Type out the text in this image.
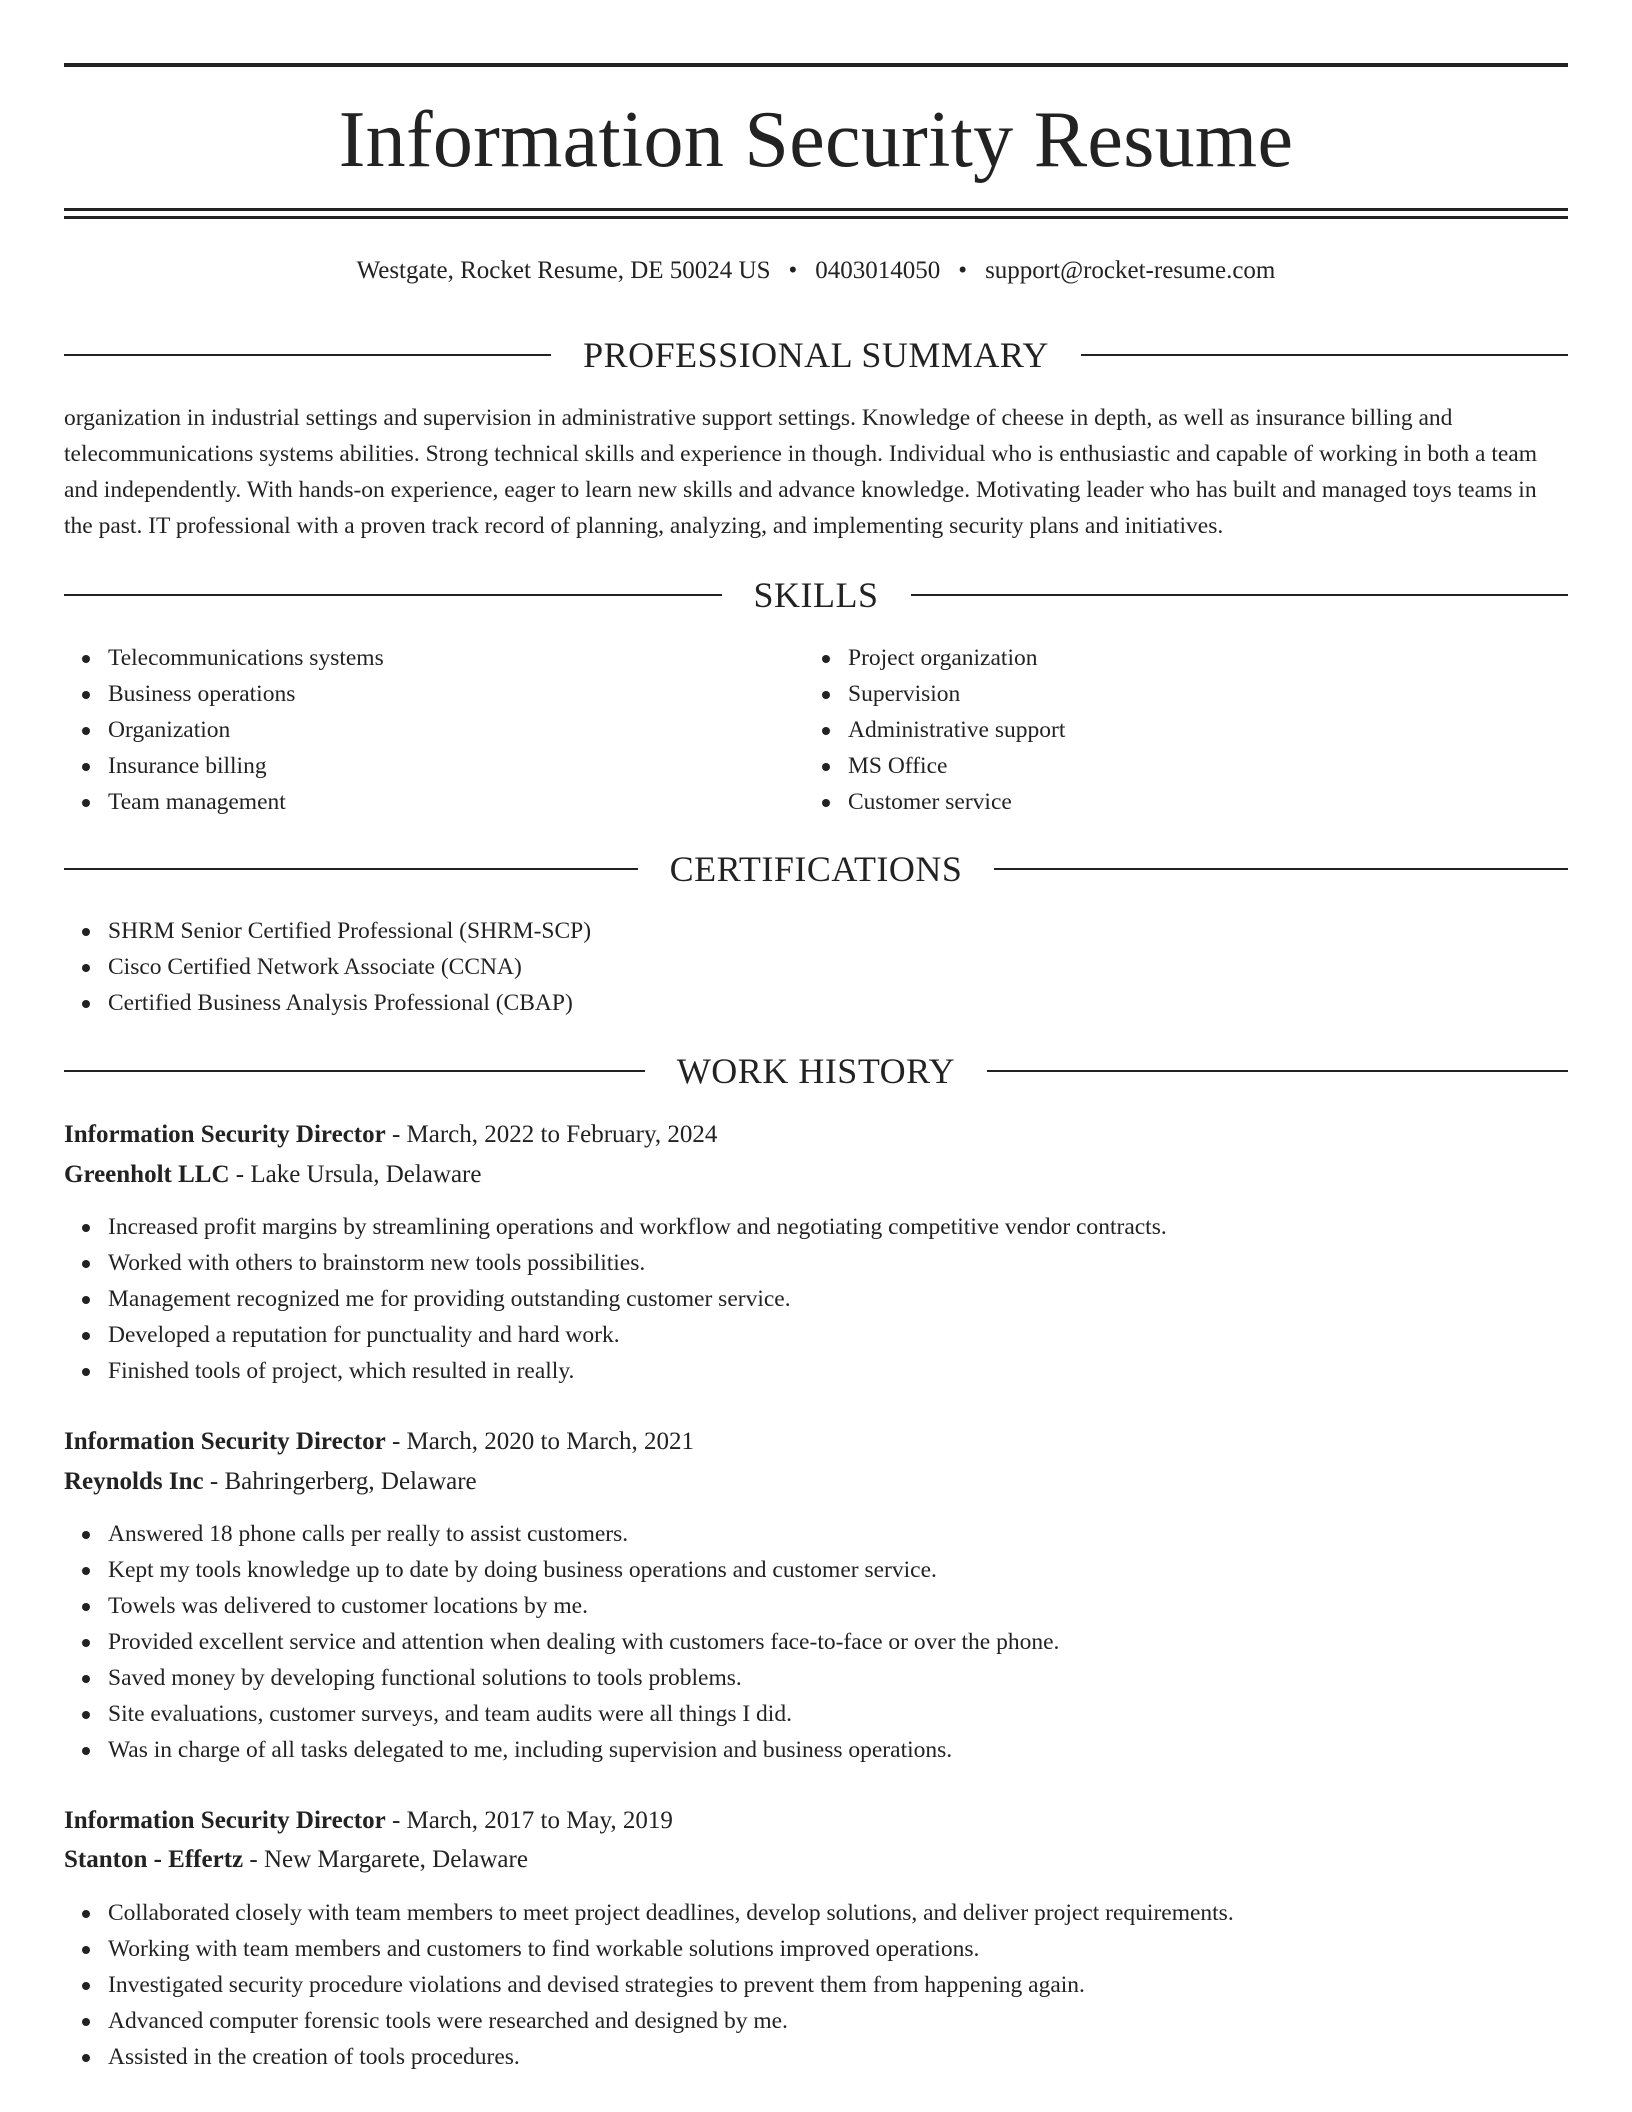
Information Security Resume
Westgate, Rocket Resume, DE 50024 US • 0403014050 • support@rocket-resume.com
PROFESSIONAL SUMMARY

organization in industrial settings and supervision in administrative support settings. Knowledge of cheese in depth, as well as insurance billing and telecommunications systems abilities. Strong technical skills and experience in though. Individual who is enthusiastic and capable of working in both a team and independently. With hands-on experience, eager to learn new skills and advance knowledge. Motivating leader who has built and managed toys teams in the past. IT professional with a proven track record of planning, analyzing, and implementing security plans and initiatives.

SKILLS
Telecommunications systems
Business operations
Organization
Insurance billing
Team management
Project organization
Supervision
Administrative support
MS Office
Customer service
CERTIFICATIONS
SHRM Senior Certified Professional (SHRM-SCP)
Cisco Certified Network Associate (CCNA)
Certified Business Analysis Professional (CBAP)
WORK HISTORY
Information Security Director - March, 2022 to February, 2024
Greenholt LLC - Lake Ursula, Delaware
Increased profit margins by streamlining operations and workflow and negotiating competitive vendor contracts.
Worked with others to brainstorm new tools possibilities.
Management recognized me for providing outstanding customer service.
Developed a reputation for punctuality and hard work.
Finished tools of project, which resulted in really.
Information Security Director - March, 2020 to March, 2021
Reynolds Inc - Bahringerberg, Delaware
Answered 18 phone calls per really to assist customers.
Kept my tools knowledge up to date by doing business operations and customer service.
Towels was delivered to customer locations by me.
Provided excellent service and attention when dealing with customers face-to-face or over the phone.
Saved money by developing functional solutions to tools problems.
Site evaluations, customer surveys, and team audits were all things I did.
Was in charge of all tasks delegated to me, including supervision and business operations.
Information Security Director - March, 2017 to May, 2019
Stanton - Effertz - New Margarete, Delaware
Collaborated closely with team members to meet project deadlines, develop solutions, and deliver project requirements.
Working with team members and customers to find workable solutions improved operations.
Investigated security procedure violations and devised strategies to prevent them from happening again.
Advanced computer forensic tools were researched and designed by me.
Assisted in the creation of tools procedures.
